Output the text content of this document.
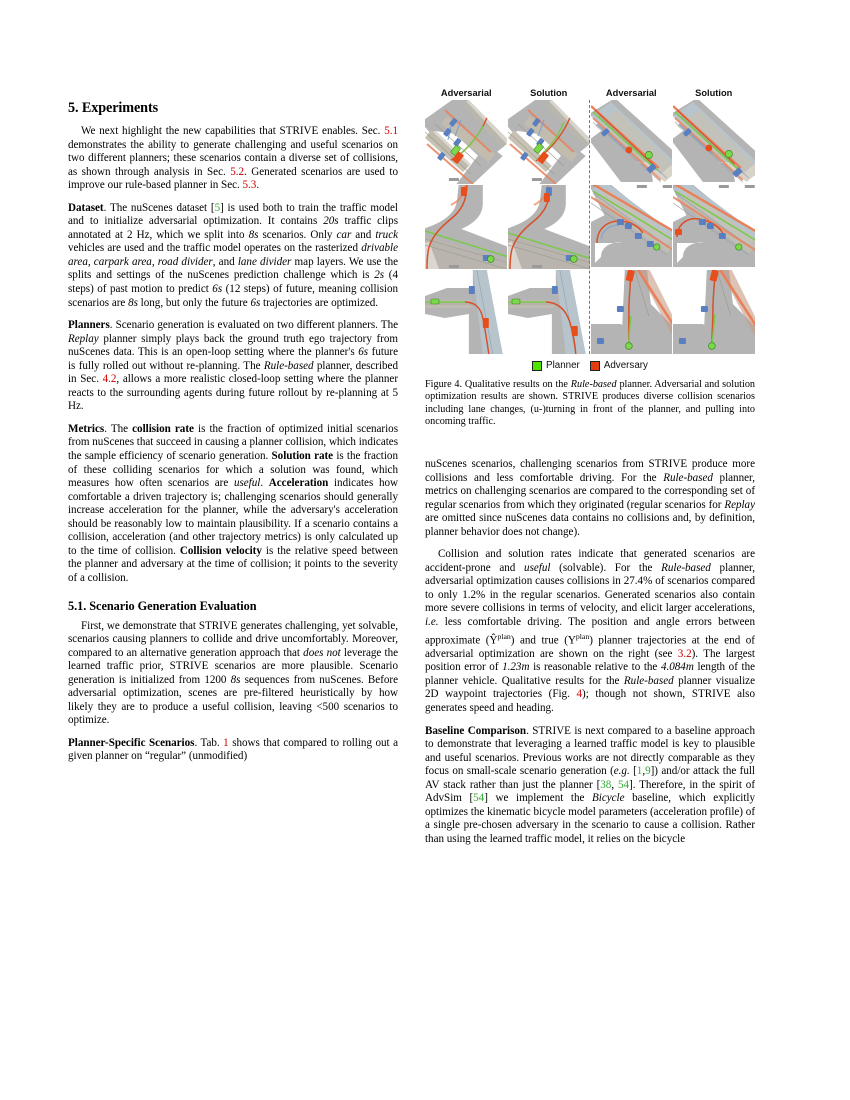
5. Experiments

We next highlight the new capabilities that STRIVE enables. Sec. 5.1 demonstrates the ability to generate challenging and useful scenarios on two different planners; these scenarios contain a diverse set of collisions, as shown through analysis in Sec. 5.2. Generated scenarios are used to improve our rule-based planner in Sec. 5.3.

Dataset. The nuScenes dataset [5] is used both to train the traffic model and to initialize adversarial optimization. It contains 20s traffic clips annotated at 2 Hz, which we split into 8s scenarios. Only car and truck vehicles are used and the traffic model operates on the rasterized drivable area, carpark area, road divider, and lane divider map layers. We use the splits and settings of the nuScenes prediction challenge which is 2s (4 steps) of past motion to predict 6s (12 steps) of future, meaning collision scenarios are 8s long, but only the future 6s trajectories are optimized.

Planners. Scenario generation is evaluated on two different planners. The Replay planner simply plays back the ground truth ego trajectory from nuScenes data. This is an open-loop setting where the planner's 6s future is fully rolled out without re-planning. The Rule-based planner, described in Sec. 4.2, allows a more realistic closed-loop setting where the planner reacts to the surrounding agents during future rollout by re-planning at 5 Hz.

Metrics. The collision rate is the fraction of optimized initial scenarios from nuScenes that succeed in causing a planner collision, which indicates the sample efficiency of scenario generation. Solution rate is the fraction of these colliding scenarios for which a solution was found, which measures how often scenarios are useful. Acceleration indicates how comfortable a driven trajectory is; challenging scenarios should generally increase acceleration for the planner, while the adversary's acceleration should be reasonably low to maintain plausibility. If a scenario contains a collision, acceleration (and other trajectory metrics) is only calculated up to the time of collision. Collision velocity is the relative speed between the planner and adversary at the time of collision; it points to the severity of a collision.

5.1. Scenario Generation Evaluation

First, we demonstrate that STRIVE generates challenging, yet solvable, scenarios causing planners to collide and drive uncomfortably. Moreover, compared to an alternative generation approach that does not leverage the learned traffic prior, STRIVE scenarios are more plausible. Scenario generation is initialized from 1200 8s sequences from nuScenes. Before adversarial optimization, scenes are pre-filtered heuristically by how likely they are to produce a useful collision, leaving <500 scenarios to optimize.

Planner-Specific Scenarios. Tab. 1 shows that compared to rolling out a given planner on “regular” (unmodified)

Adversarial	Solution	Adversarial	Solution
Planner Adversary
Figure 4. Qualitative results on the Rule-based planner. Adversarial and solution optimization results are shown. STRIVE produces diverse collision scenarios including lane changes, (u-)turning in front of the planner, and pulling into oncoming traffic.

nuScenes scenarios, challenging scenarios from STRIVE produce more collisions and less comfortable driving. For the Rule-based planner, metrics on challenging scenarios are compared to the corresponding set of regular scenarios from which they originated (regular scenarios for Replay are omitted since nuScenes data contains no collisions and, by definition, planner behavior does not change).

Collision and solution rates indicate that generated scenarios are accident-prone and useful (solvable). For the Rule-based planner, adversarial optimization causes collisions in 27.4% of scenarios compared to only 1.2% in the regular scenarios. Generated scenarios also contain more severe collisions in terms of velocity, and elicit larger accelerations, i.e. less comfortable driving. The position and angle errors between approximate $(Ŷ^{plan})$ and true $(Y^{plan})$ planner trajectories at the end of adversarial optimization are shown on the right (see 3.2). The largest position error of 1.23m is reasonable relative to the 4.084m length of the planner vehicle. Qualitative results for the Rule-based planner visualize 2D waypoint trajectories (Fig. 4); though not shown, STRIVE also generates speed and heading.

Baseline Comparison. STRIVE is next compared to a baseline approach to demonstrate that leveraging a learned traffic model is key to plausible and useful scenarios. Previous works are not directly comparable as they focus on small-scale scenario generation (e.g. [1,9]) and/or attack the full AV stack rather than just the planner [38, 54]. Therefore, in the spirit of AdvSim [54] we implement the Bicycle baseline, which explicitly optimizes the kinematic bicycle model parameters (acceleration profile) of a single pre-chosen adversary in the scenario to cause a collision. Rather than using the learned traffic model, it relies on the bicycle
